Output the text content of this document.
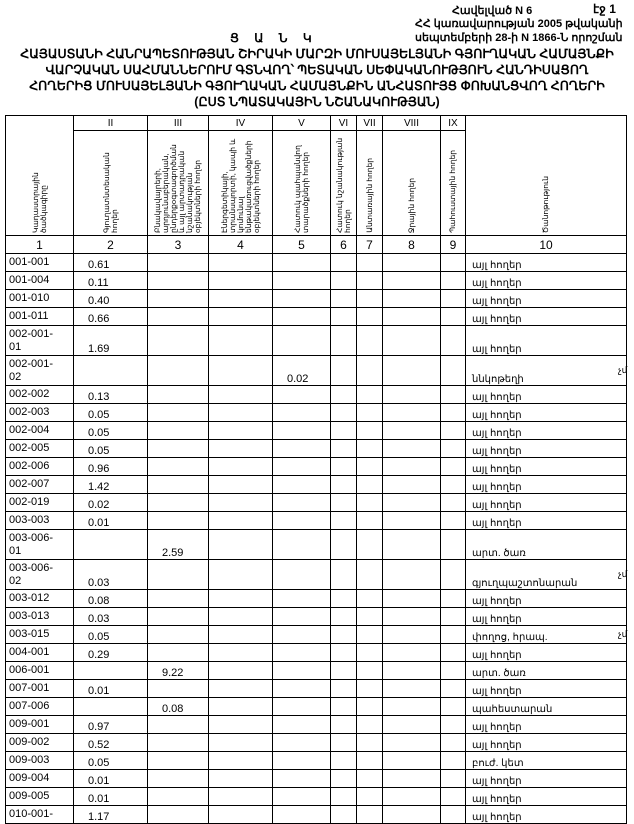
Հավելված N 6	էջ 1
ՀՀ կառավարության 2005 թվականի
սեպտեմբերի 28-ի N 1866-Ն որոշման
Ց Ա Ն Կ
ՀԱՅԱՍՏԱՆԻ ՀԱՆՐԱՊԵՏՈՒԹՅԱՆ ՇԻՐԱԿԻ ՄԱՐԶԻ ՄՈՒՍԱՅԵԼՅԱՆԻ ԳՅՈՒՂԱԿԱՆ ՀԱՄԱՅՆՔԻ
ՎԱՐՉԱԿԱՆ ՍԱՀՄԱՆՆԵՐՈՒՄ ԳՏՆՎՈՂ՝ ՊԵՏԱԿԱՆ ՍԵՓԱԿԱՆՈՒԹՅՈՒՆ ՀԱՆԴԻՍԱՑՈՂ
ՀՈՂԵՐԻՑ ՄՈՒՍԱՅԵԼՅԱՆԻ ԳՅՈՒՂԱԿԱՆ ՀԱՄԱՅՆՔԻՆ ԱՆՀԱՏՈՒՅՑ ՓՈԽԱՆՑՎՈՂ ՀՈՂԵՐԻ
(ԸՍՏ ՆՊԱՏԱԿԱՅԻՆ ՆՇԱՆԱԿՈՒԹՅԱՆ)
Կադաստրային ծածկագիրը	II	III	IV	V	VI	VII	VIII	IX	Ծանոթություն

	Գյուղատնտեսական հողեր	Բնակավայրերի, արդյունաբերական, ընդերքօգտագործման և այլ արտադրական նշանակության օբյեկտների հողեր	Էներգետիկայի, տրանսպորտի, կապի և կոմունալ ենթակառուցվածքների օբյեկտների հողեր	Հատուկ պահպանվող տարածքների հողեր	Հատուկ նշանակության հողեր	Անտառային հողեր	Ջրային հողեր	Պահուստային հողեր	

1	2	3	4	5	6	7	8	9	10
001-001	0.61								այլ հողեր
001-004	0.11								այլ հողեր
001-010	0.40								այլ հողեր
001-011	0.66								այլ հողեր
002-001-
01	1.69								այլ հողեր
002-001-
02				0.02					ննկոթեղի
002-002	0.13								այլ հողեր
002-003	0.05								այլ հողեր
002-004	0.05								այլ հողեր
002-005	0.05								այլ հողեր
002-006	0.96								այլ հողեր
002-007	1.42								այլ հողեր
002-019	0.02								այլ հողեր
003-003	0.01								այլ հողեր
003-006-
01		2.59							արտ. ծառ
003-006-
02	0.03								գյուղպաշտոնարան
003-012	0.08								այլ հողեր
003-013	0.03								այլ հողեր
003-015	0.05								փողոց, հրապ.
004-001	0.29								այլ հողեր
006-001		9.22							արտ. ծառ
007-001	0.01								այլ հողեր
007-006		0.08							պահեստարան
009-001	0.97								այլ հողեր
009-002	0.52								այլ հողեր
009-003	0.05								բուժ. կետ
009-004	0.01								այլ հողեր
009-005	0.01								այլ հողեր
010-001-	1.17								այլ հողեր
չմ
չմ
չմ
